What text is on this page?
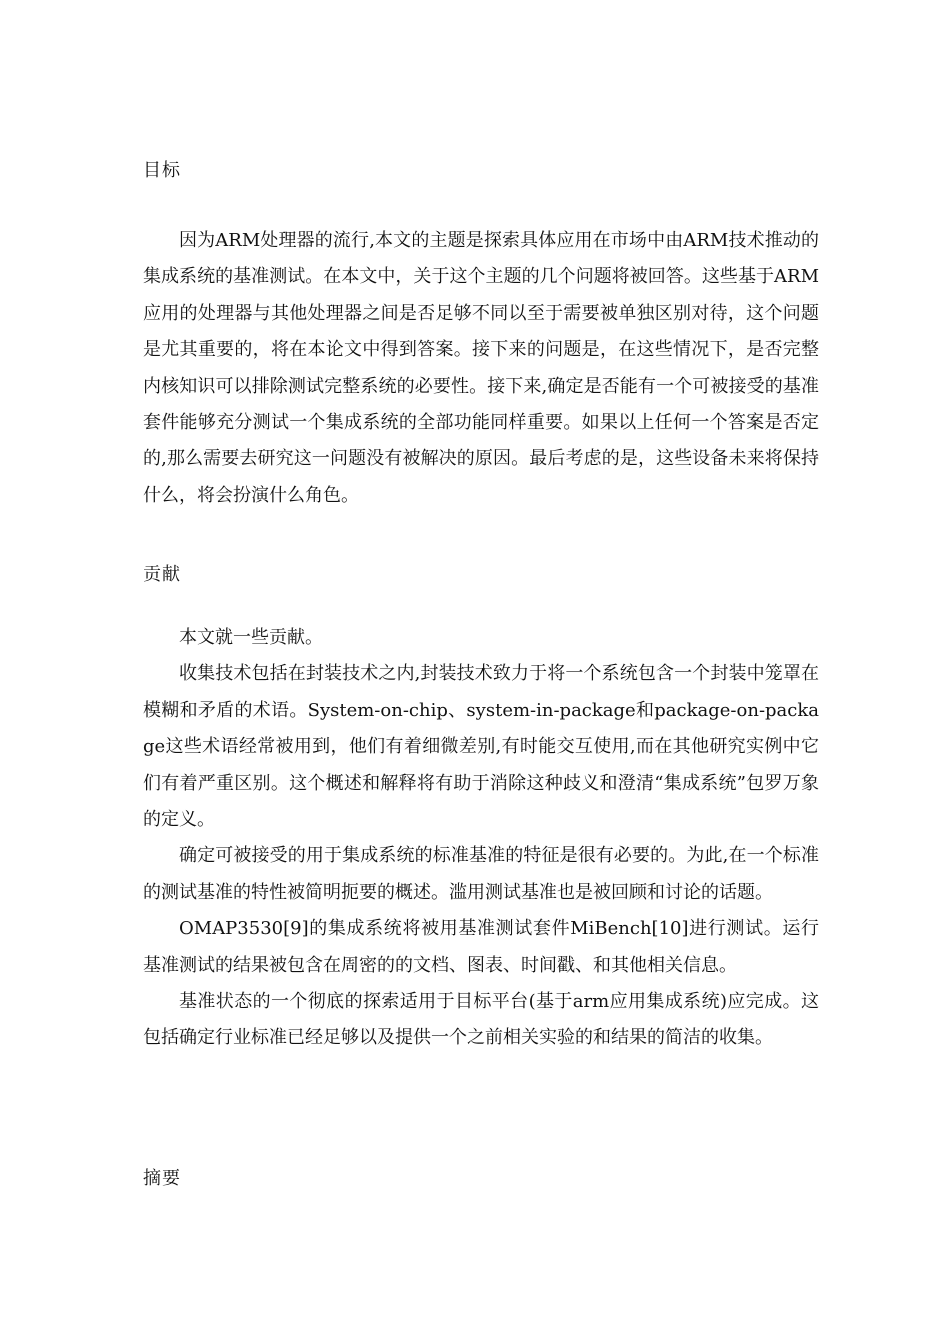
目标

因为ARM处理器的流行,本文的主题是探索具体应用在市场中由ARM技术推动的集成系统的基准测试。在本文中，关于这个主题的几个问题将被回答。这些基于ARM应用的处理器与其他处理器之间是否足够不同以至于需要被单独区别对待，这个问题是尤其重要的，将在本论文中得到答案。接下来的问题是，在这些情况下，是否完整内核知识可以排除测试完整系统的必要性。接下来,确定是否能有一个可被接受的基准套件能够充分测试一个集成系统的全部功能同样重要。如果以上任何一个答案是否定的,那么需要去研究这一问题没有被解决的原因。最后考虑的是，这些设备未来将保持什么，将会扮演什么角色。

贡献

本文就一些贡献。

收集技术包括在封装技术之内,封装技术致力于将一个系统包含一个封装中笼罩在模糊和矛盾的术语。System-on-chip、system-in-package和package-on-package这些术语经常被用到，他们有着细微差别,有时能交互使用,而在其他研究实例中它们有着严重区别。这个概述和解释将有助于消除这种歧义和澄清“集成系统”包罗万象的定义。

确定可被接受的用于集成系统的标准基准的特征是很有必要的。为此,在一个标准的测试基准的特性被简明扼要的概述。滥用测试基准也是被回顾和讨论的话题。

OMAP3530[9]的集成系统将被用基准测试套件MiBench[10]进行测试。运行基准测试的结果被包含在周密的的文档、图表、时间戳、和其他相关信息。

基准状态的一个彻底的探索适用于目标平台(基于arm应用集成系统)应完成。这包括确定行业标准已经足够以及提供一个之前相关实验的和结果的简洁的收集。

摘要
